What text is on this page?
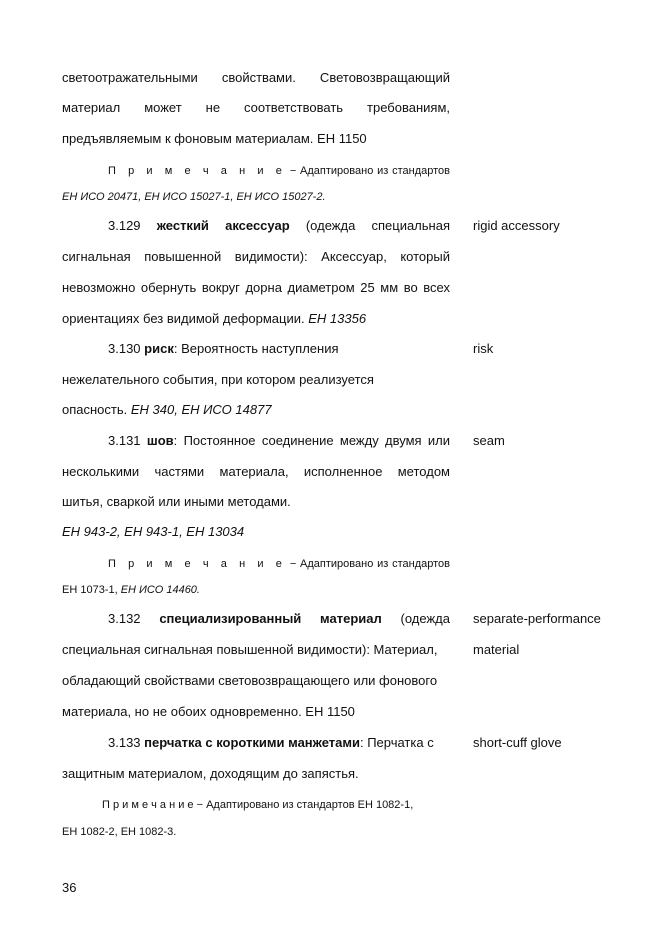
светоотражательными свойствами. Световозвращающий
материал может не соответствовать требованиям,
предъявляемым к фоновым материалам. ЕН 1150
П р и м е ч а н и е − Адаптировано из стандартов
ЕН ИСО 20471, ЕН ИСО 15027-1, ЕН ИСО 15027-2.
3.129 жесткий аксессуар (одежда специальная rigid accessory
сигнальная повышенной видимости): Аксессуар, который
невозможно обернуть вокруг дорна диаметром 25 мм во всех
ориентациях без видимой деформации. ЕН 13356
3.130 риск: Вероятность наступления	risk
нежелательного события, при котором реализуется
опасность. ЕН 340, ЕН ИСО 14877
3.131 шов: Постоянное соединение между двумя или seam
несколькими частями материала, исполненное методом
шитья, сваркой или иными методами.
ЕН 943-2, ЕН 943-1, ЕН 13034
П р и м е ч а н и е − Адаптировано из стандартов
ЕН 1073-1, ЕН ИСО 14460.
3.132 специализированный материал (одежда separate-performance
специальная сигнальная повышенной видимости): Материал,	material
обладающий свойствами световозвращающего или фонового
материала, но не обоих одновременно. ЕН 1150
3.133 перчатка с короткими манжетами: Перчатка с	short-cuff glove
защитным материалом, доходящим до запястья.
П р и м е ч а н и е − Адаптировано из стандартов ЕН 1082-1,
ЕН 1082-2, ЕН 1082-3.
36
